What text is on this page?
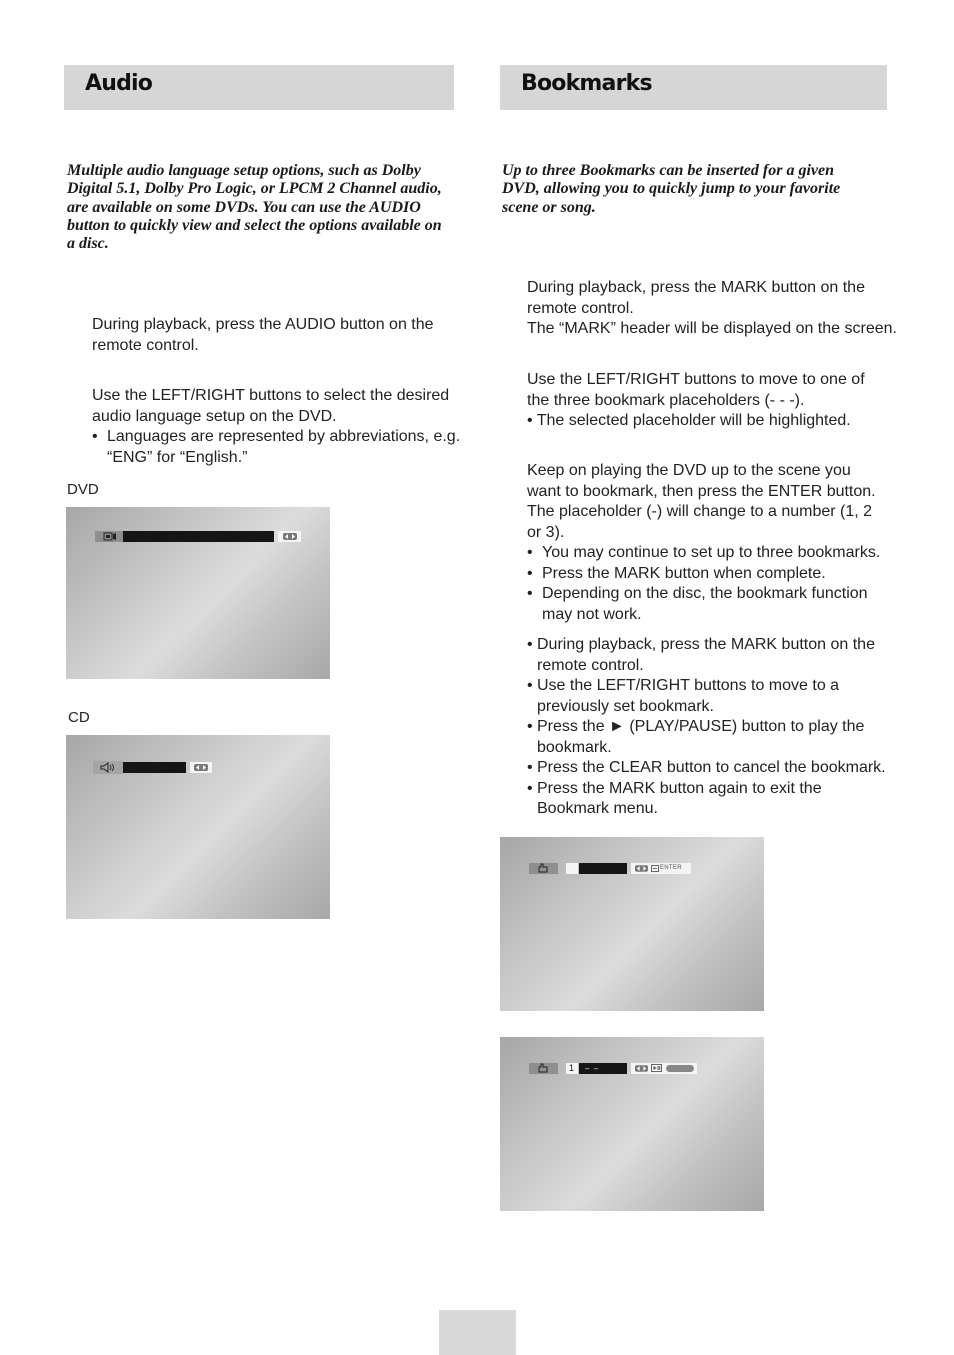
Audio
Multiple audio language setup options, such as Dolby Digital 5.1, Dolby Pro Logic, or LPCM 2 Channel audio, are available on some DVDs. You can use the AUDIO button to quickly view and select the options available on a disc.
During playback, press the AUDIO button on the remote control.
Use the LEFT/RIGHT buttons to select the desired audio language setup on the DVD.
• Languages are represented by abbreviations, e.g. “ENG” for “English.”
DVD
CD
Bookmarks
Up to three Bookmarks can be inserted for a given DVD, allowing you to quickly jump to your favorite scene or song.
During playback, press the MARK button on the remote control.
The “MARK” header will be displayed on the screen.
Use the LEFT/RIGHT buttons to move to one of the three bookmark placeholders (- - -).
• The selected placeholder will be highlighted.
Keep on playing the DVD up to the scene you want to bookmark, then press the ENTER button. The placeholder (-) will change to a number (1, 2 or 3).
• You may continue to set up to three bookmarks.
• Press the MARK button when complete.
• Depending on the disc, the bookmark function may not work.
• During playback, press the MARK button on the remote control.
• Use the LEFT/RIGHT buttons to move to a previously set bookmark.
• Press the ► (PLAY/PAUSE) button to play the bookmark.
• Press the CLEAR button to cancel the bookmark.
• Press the MARK button again to exit the Bookmark menu.
ENTER
1 –  –
